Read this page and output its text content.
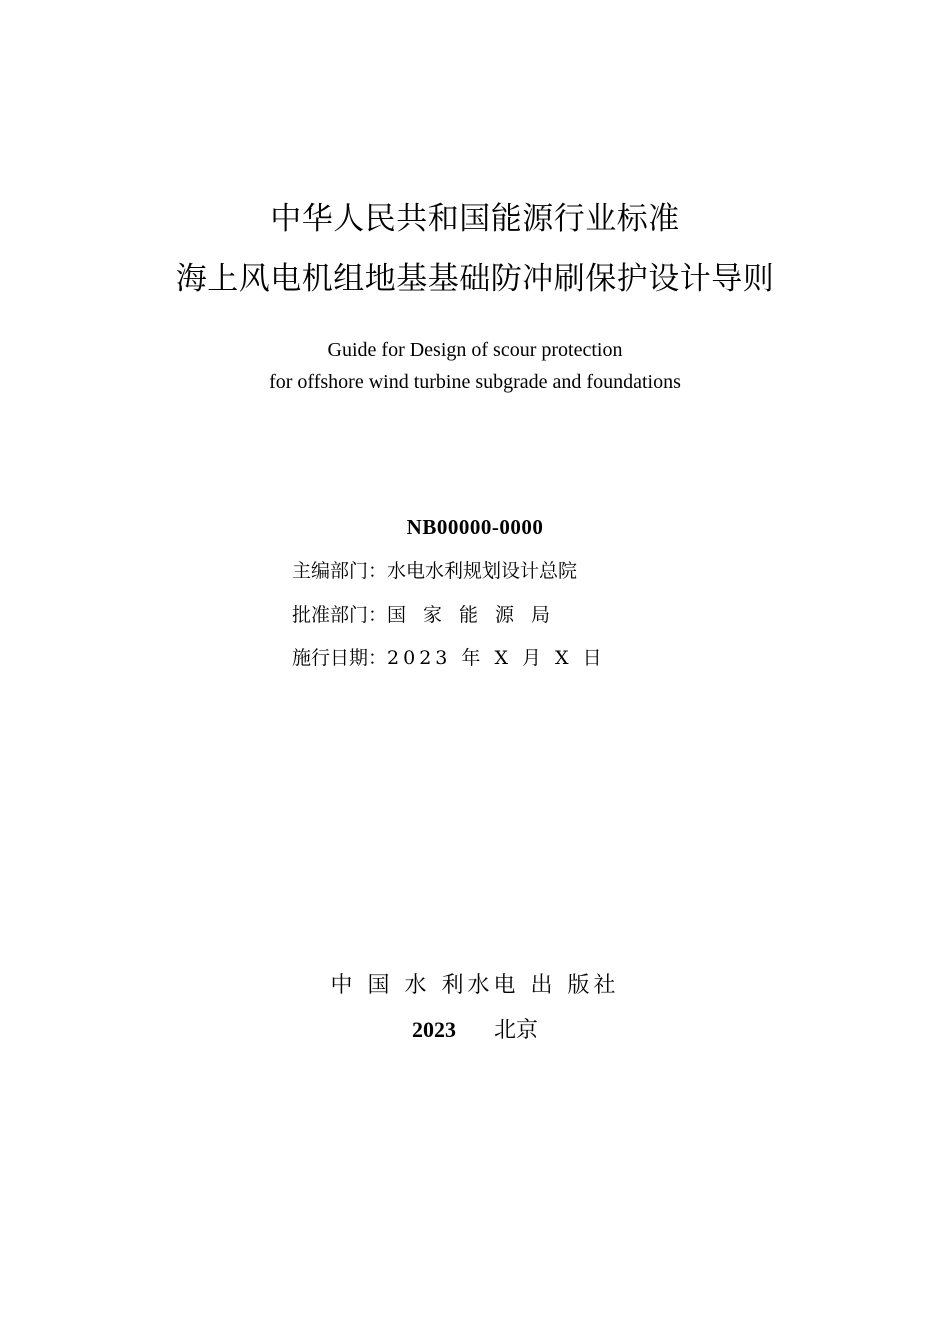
中华人民共和国能源行业标准
海上风电机组地基基础防冲刷保护设计导则
Guide for Design of scour protection
for offshore wind turbine subgrade and foundations
NB00000-0000
主编部门：水电水利规划设计总院
批准部门：国家能源局
施行日期：2023 年 X 月 X 日
中 国 水 利水电 出 版社
2023 北京
